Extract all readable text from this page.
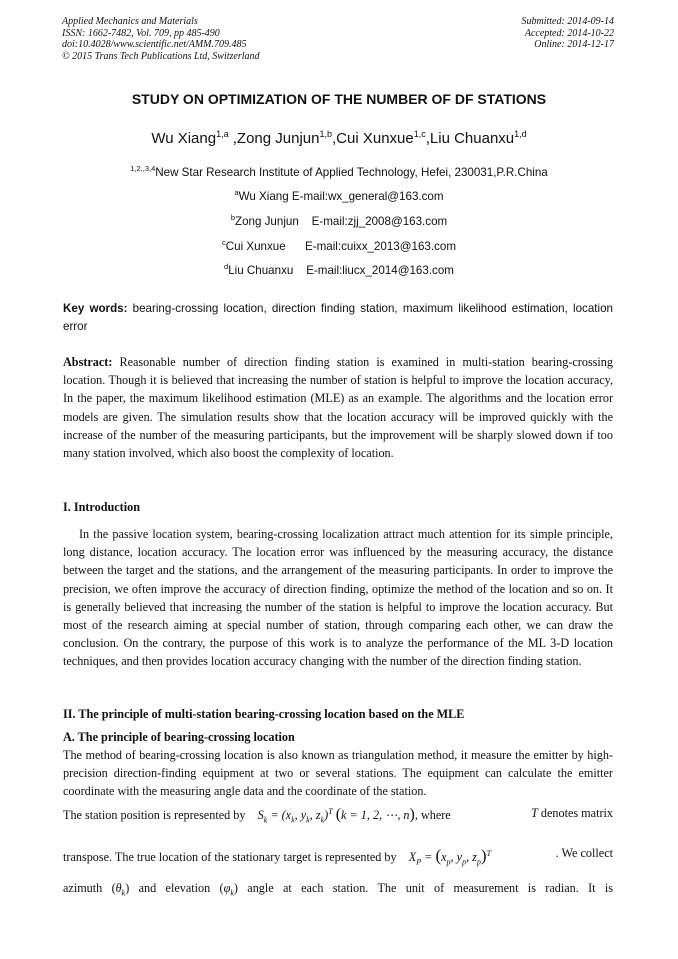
Applied Mechanics and Materials
ISSN: 1662-7482, Vol. 709, pp 485-490
doi:10.4028/www.scientific.net/AMM.709.485
© 2015 Trans Tech Publications Ltd, Switzerland
Submitted: 2014-09-14
Accepted: 2014-10-22
Online: 2014-12-17
STUDY ON OPTIMIZATION OF THE NUMBER OF DF STATIONS
Wu Xiang$^{1,a}$ ,Zong Junjun$^{1,b}$,Cui Xunxue$^{1,c}$,Liu Chuanxu$^{1,d}$
$^{1,2,,3,4}$New Star Research Institute of Applied Technology, Hefei, 230031,P.R.China
$^a$Wu Xiang E-mail:wx_general@163.com
$^b$Zong Junjun    E-mail:zjj_2008@163.com
$^c$Cui Xunxue      E-mail:cuixx_2013@163.com
$^d$Liu Chuanxu    E-mail:liucx_2014@163.com
Key words: bearing-crossing location, direction finding station, maximum likelihood estimation, location error

Abstract: Reasonable number of direction finding station is examined in multi-station bearing-crossing location. Though it is believed that increasing the number of station is helpful to improve the location accuracy, In the paper, the maximum likelihood estimation (MLE) as an example. The algorithms and the location error models are given. The simulation results show that the location accuracy will be improved quickly with the increase of the number of the measuring participants, but the improvement will be sharply slowed down if too many station involved, which also boost the complexity of location.

I. Introduction

In the passive location system, bearing-crossing localization attract much attention for its simple principle, long distance, location accuracy. The location error was influenced by the measuring accuracy, the distance between the target and the stations, and the arrangement of the measuring participants. In order to improve the precision, we often improve the accuracy of direction finding, optimize the method of the location and so on. It is generally believed that increasing the number of the station is helpful to improve the location accuracy. But most of the research aiming at special number of station, through comparing each other, we can draw the conclusion. On the contrary, the purpose of this work is to analyze the performance of the ML 3-D location techniques, and then provides location accuracy changing with the number of the direction finding station.

II. The principle of multi-station bearing-crossing location based on the MLE
A. The principle of bearing-crossing location

The method of bearing-crossing location is also known as triangulation method, it measure the emitter by high-precision direction-finding equipment at two or several stations. The equipment can calculate the emitter coordinate with the measuring angle data and the coordinate of the station.

The station position is represented by $S_k = (x_k$, $y_k$, $z_k)^T$ (k = 1, 2, ⋯, n), where	T denotes matrix
transpose. The true location of the stationary target is represented by $X_P = (x_p$, $y_p$, $z_p)^T$	. We collect
azimuth $(\theta_k)$ and elevation $(\varphi_k)$ angle at each station. The unit of measurement is radian. It is
